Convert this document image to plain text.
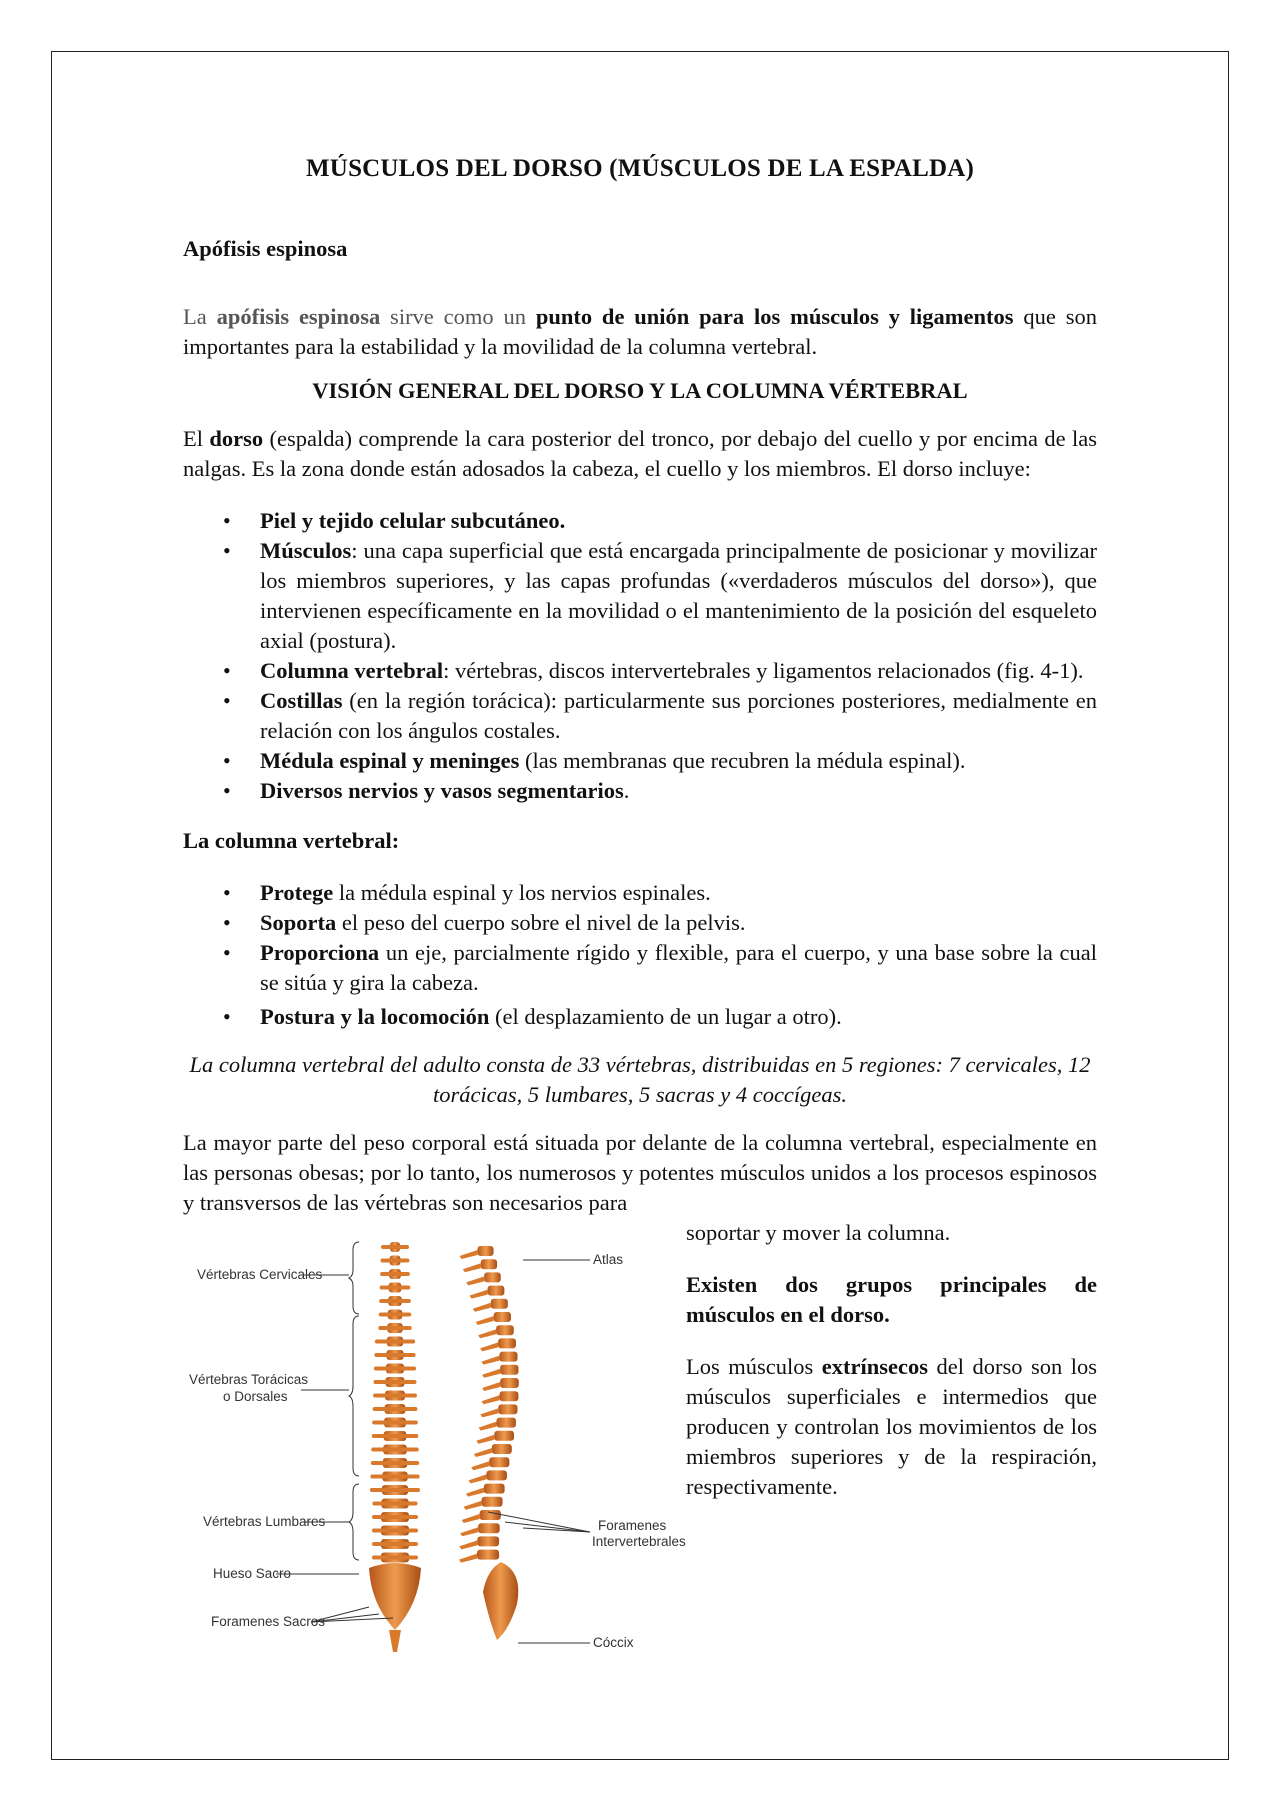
MÚSCULOS DEL DORSO (MÚSCULOS DE LA ESPALDA)
Apófisis espinosa

La apófisis espinosa sirve como un punto de unión para los músculos y ligamentos que son importantes para la estabilidad y la movilidad de la columna vertebral.

VISIÓN GENERAL DEL DORSO Y LA COLUMNA VÉRTEBRAL

El dorso (espalda) comprende la cara posterior del tronco, por debajo del cuello y por encima de las nalgas. Es la zona donde están adosados la cabeza, el cuello y los miembros. El dorso incluye:

• Piel y tejido celular subcutáneo.
• Músculos: una capa superficial que está encargada principalmente de posicionar y movilizar los miembros superiores, y las capas profundas («verdaderos músculos del dorso»), que intervienen específicamente en la movilidad o el mantenimiento de la posición del esqueleto axial (postura).
• Columna vertebral: vértebras, discos intervertebrales y ligamentos relacionados (fig. 4-1).
• Costillas (en la región torácica): particularmente sus porciones posteriores, medialmente en relación con los ángulos costales.
• Médula espinal y meninges (las membranas que recubren la médula espinal).
• Diversos nervios y vasos segmentarios.
La columna vertebral:
• Protege la médula espinal y los nervios espinales.
• Soporta el peso del cuerpo sobre el nivel de la pelvis.
• Proporciona un eje, parcialmente rígido y flexible, para el cuerpo, y una base sobre la cual se sitúa y gira la cabeza.
• Postura y la locomoción (el desplazamiento de un lugar a otro).

La columna vertebral del adulto consta de 33 vértebras, distribuidas en 5 regiones: 7 cervicales, 12 torácicas, 5 lumbares, 5 sacras y 4 coccígeas.

La mayor parte del peso corporal está situada por delante de la columna vertebral, especialmente en las personas obesas; por lo tanto, los numerosos y potentes músculos unidos a los procesos espinosos y transversos de las vértebras son necesarios para

soportar y mover la columna.

Existen dos grupos principales de músculos en el dorso.

Los músculos extrínsecos del dorso son los músculos superficiales e intermedios que producen y controlan los movimientos de los miembros superiores y de la respiración, respectivamente.

Vértebras Cervicales
Vértebras Torácicas
o Dorsales
Vértebras Lumbares
Hueso Sacro
Foramenes Sacros
Atlas
Foramenes
Intervertebrales
Cóccix
